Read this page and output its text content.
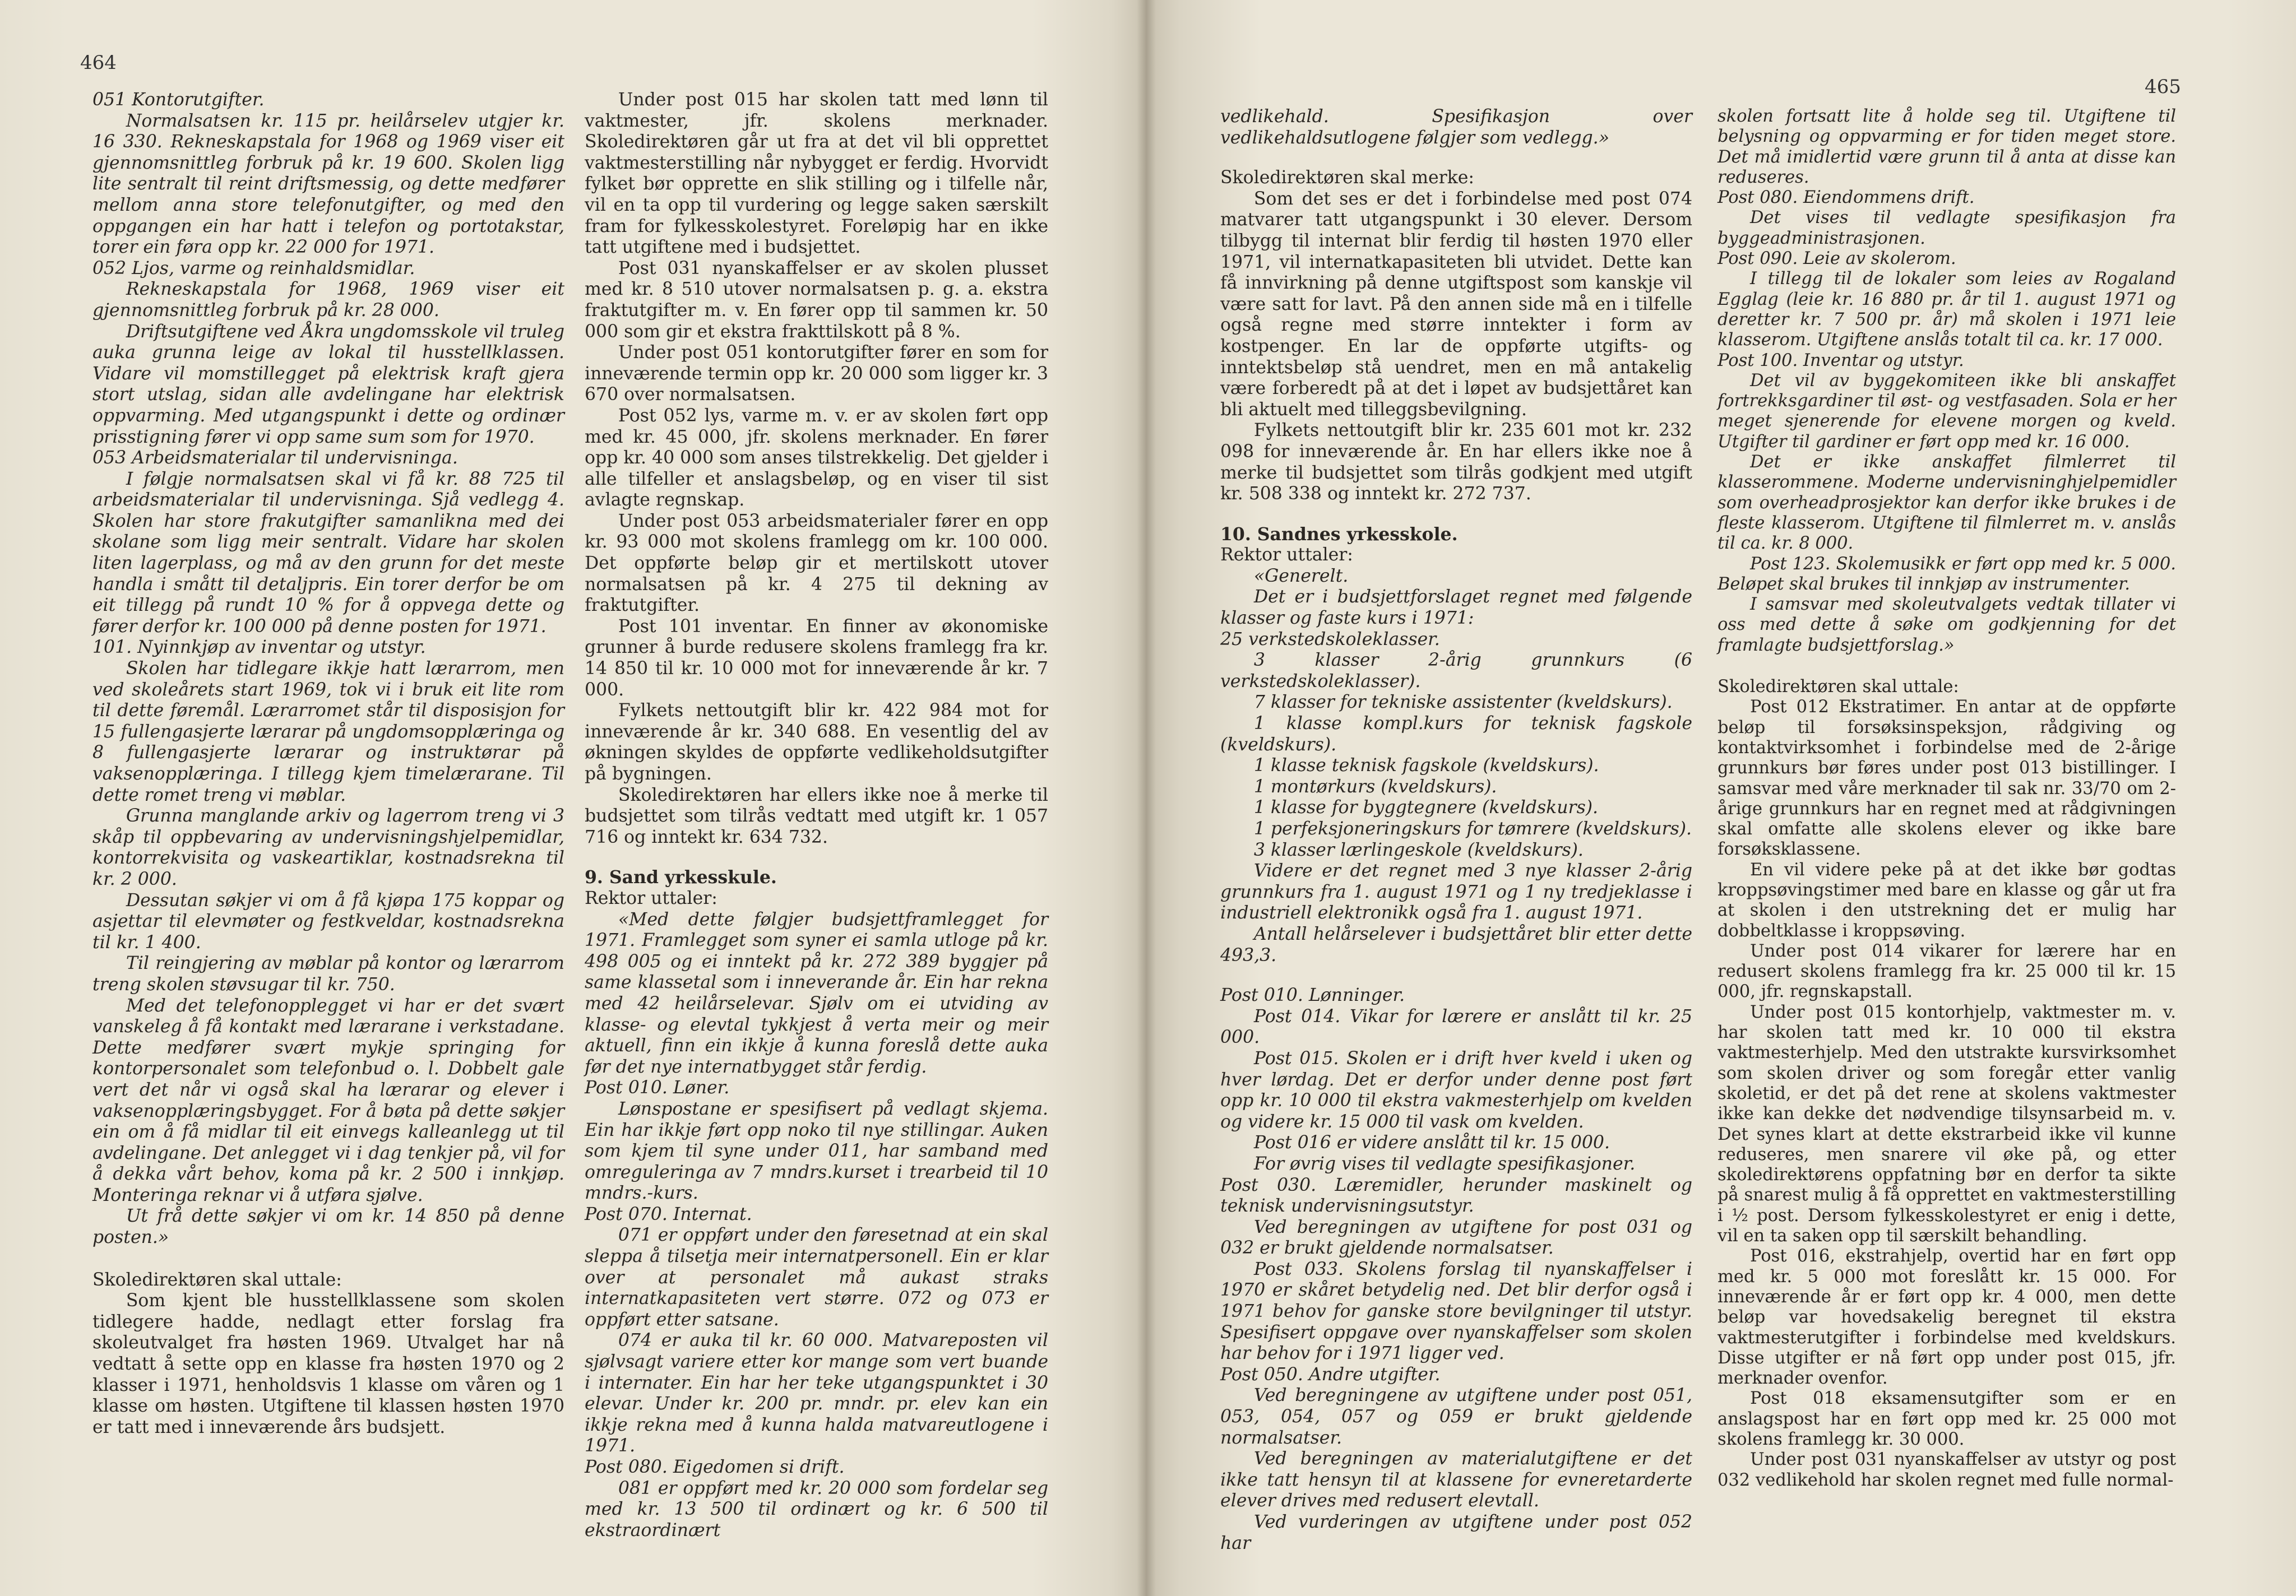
464

051 Kontorutgifter.

Normalsatsen kr. 115 pr. heilårselev utgjer kr. 16 330. Rekneskapstala for 1968 og 1969 viser eit gjennomsnittleg forbruk på kr. 19 600. Skolen ligg lite sentralt til reint driftsmessig, og dette medfører mellom anna store telefonutgifter, og med den oppgangen ein har hatt i telefon og portotakstar, torer ein føra opp kr. 22 000 for 1971.

052 Ljos, varme og reinhaldsmidlar.

Rekneskapstala for 1968, 1969 viser eit gjennomsnittleg forbruk på kr. 28 000.

Driftsutgiftene ved Åkra ungdomsskole vil truleg auka grunna leige av lokal til husstellklassen. Vidare vil momstillegget på elektrisk kraft gjera stort utslag, sidan alle avdelingane har elektrisk oppvarming. Med utgangspunkt i dette og ordinær prisstigning fører vi opp same sum som for 1970.

053 Arbeidsmaterialar til undervisninga.

I følgje normalsatsen skal vi få kr. 88 725 til arbeidsmaterialar til undervisninga. Sjå vedlegg 4. Skolen har store frakutgifter samanlikna med dei skolane som ligg meir sentralt. Vidare har skolen liten lagerplass, og må av den grunn for det meste handla i smått til detaljpris. Ein torer derfor be om eit tillegg på rundt 10 % for å oppvega dette og fører derfor kr. 100 000 på denne posten for 1971.

101. Nyinnkjøp av inventar og utstyr.

Skolen har tidlegare ikkje hatt lærarrom, men ved skoleårets start 1969, tok vi i bruk eit lite rom til dette føremål. Lærarromet står til disposisjon for 15 fullengasjerte lærarar på ungdomsopplæringa og 8 fullengasjerte lærarar og instruktørar på vaksenopplæringa. I tillegg kjem timelærarane. Til dette romet treng vi møblar.

Grunna manglande arkiv og lagerrom treng vi 3 skåp til oppbevaring av undervisningshjelpemidlar, kontorrekvisita og vaskeartiklar, kostnadsrekna til kr. 2 000.

Dessutan søkjer vi om å få kjøpa 175 koppar og asjettar til elevmøter og festkveldar, kostnadsrekna til kr. 1 400.

Til reingjering av møblar på kontor og lærarrom treng skolen støvsugar til kr. 750.

Med det telefonopplegget vi har er det svært vanskeleg å få kontakt med lærarane i verkstadane. Dette medfører svært mykje springing for kontorpersonalet som telefonbud o. l. Dobbelt gale vert det når vi også skal ha lærarar og elever i vaksenopplæringsbygget. For å bøta på dette søkjer ein om å få midlar til eit einvegs kalleanlegg ut til avdelingane. Det anlegget vi i dag tenkjer på, vil for å dekka vårt behov, koma på kr. 2 500 i innkjøp. Monteringa reknar vi å utføra sjølve.

Ut frå dette søkjer vi om kr. 14 850 på denne posten.»

Skoledirektøren skal uttale:

Som kjent ble husstellklassene som skolen tidlegere hadde, nedlagt etter forslag fra skoleutvalget fra høsten 1969. Utvalget har nå vedtatt å sette opp en klasse fra høsten 1970 og 2 klasser i 1971, henholdsvis 1 klasse om våren og 1 klasse om høsten. Utgiftene til klassen høsten 1970 er tatt med i inneværende års budsjett.

Under post 015 har skolen tatt med lønn til vaktmester, jfr. skolens merknader. Skoledirektøren går ut fra at det vil bli opprettet vaktmesterstilling når nybygget er ferdig. Hvorvidt fylket bør opprette en slik stilling og i tilfelle når, vil en ta opp til vurdering og legge saken særskilt fram for fylkesskolestyret. Foreløpig har en ikke tatt utgiftene med i budsjettet.

Post 031 nyanskaffelser er av skolen plusset med kr. 8 510 utover normalsatsen p. g. a. ekstra fraktutgifter m. v. En fører opp til sammen kr. 50 000 som gir et ekstra frakttilskott på 8 %.

Under post 051 kontorutgifter fører en som for inneværende termin opp kr. 20 000 som ligger kr. 3 670 over normalsatsen.

Post 052 lys, varme m. v. er av skolen ført opp med kr. 45 000, jfr. skolens merknader. En fører opp kr. 40 000 som anses tilstrekkelig. Det gjelder i alle tilfeller et anslagsbeløp, og en viser til sist avlagte regnskap.

Under post 053 arbeidsmaterialer fører en opp kr. 93 000 mot skolens framlegg om kr. 100 000. Det oppførte beløp gir et mertilskott utover normalsatsen på kr. 4 275 til dekning av fraktutgifter.

Post 101 inventar. En finner av økonomiske grunner å burde redusere skolens framlegg fra kr. 14 850 til kr. 10 000 mot for inneværende år kr. 7 000.

Fylkets nettoutgift blir kr. 422 984 mot for inneværende år kr. 340 688. En vesentlig del av økningen skyldes de oppførte vedlikeholdsutgifter på bygningen.

Skoledirektøren har ellers ikke noe å merke til budsjettet som tilrås vedtatt med utgift kr. 1 057 716 og inntekt kr. 634 732.

9. Sand yrkesskule.

Rektor uttaler:

«Med dette følgjer budsjettframlegget for 1971. Framlegget som syner ei samla utloge på kr. 498 005 og ei inntekt på kr. 272 389 byggjer på same klassetal som i inneverande år. Ein har rekna med 42 heilårselevar. Sjølv om ei utviding av klasse- og elevtal tykkjest å verta meir og meir aktuell, finn ein ikkje å kunna foreslå dette auka før det nye internatbygget står ferdig.

Post 010. Løner.

Lønspostane er spesifisert på vedlagt skjema. Ein har ikkje ført opp noko til nye stillingar. Auken som kjem til syne under 011, har samband med omreguleringa av 7 mndrs.kurset i trearbeid til 10 mndrs.-kurs.

Post 070. Internat.

071 er oppført under den føresetnad at ein skal sleppa å tilsetja meir internatpersonell. Ein er klar over at personalet må aukast straks internatkapasiteten vert større. 072 og 073 er oppført etter satsane.

074 er auka til kr. 60 000. Matvareposten vil sjølvsagt variere etter kor mange som vert buande i internater. Ein har her teke utgangspunktet i 30 elevar. Under kr. 200 pr. mndr. pr. elev kan ein ikkje rekna med å kunna halda matvareutlogene i 1971.

Post 080. Eigedomen si drift.

081 er oppført med kr. 20 000 som fordelar seg med kr. 13 500 til ordinært og kr. 6 500 til ekstraordinært

465

vedlikehald. Spesifikasjon over vedlikehaldsutlogene følgjer som vedlegg.»

Skoledirektøren skal merke:

Som det ses er det i forbindelse med post 074 matvarer tatt utgangspunkt i 30 elever. Dersom tilbygg til internat blir ferdig til høsten 1970 eller 1971, vil internatkapasiteten bli utvidet. Dette kan få innvirkning på denne utgiftspost som kanskje vil være satt for lavt. På den annen side må en i tilfelle også regne med større inntekter i form av kostpenger. En lar de oppførte utgifts- og inntektsbeløp stå uendret, men en må antakelig være forberedt på at det i løpet av budsjettåret kan bli aktuelt med tilleggsbevilgning.

Fylkets nettoutgift blir kr. 235 601 mot kr. 232 098 for inneværende år. En har ellers ikke noe å merke til budsjettet som tilrås godkjent med utgift kr. 508 338 og inntekt kr. 272 737.

10. Sandnes yrkesskole.

Rektor uttaler:

«Generelt.

Det er i budsjettforslaget regnet med følgende klasser og faste kurs i 1971:

25 verkstedskoleklasser.

3 klasser 2-årig grunnkurs (6 verkstedskoleklasser).

7 klasser for tekniske assistenter (kveldskurs).

1 klasse kompl.kurs for teknisk fagskole (kveldskurs).

1 klasse teknisk fagskole (kveldskurs).

1 montørkurs (kveldskurs).

1 klasse for byggtegnere (kveldskurs).

1 perfeksjoneringskurs for tømrere (kveldskurs).

3 klasser lærlingeskole (kveldskurs).

Videre er det regnet med 3 nye klasser 2-årig grunnkurs fra 1. august 1971 og 1 ny tredjeklasse i industriell elektronikk også fra 1. august 1971.

Antall helårselever i budsjettåret blir etter dette 493,3.

Post 010. Lønninger.

Post 014. Vikar for lærere er anslått til kr. 25 000.

Post 015. Skolen er i drift hver kveld i uken og hver lørdag. Det er derfor under denne post ført opp kr. 10 000 til ekstra vakmesterhjelp om kvelden og videre kr. 15 000 til vask om kvelden.

Post 016 er videre anslått til kr. 15 000.

For øvrig vises til vedlagte spesifikasjoner.

Post 030. Læremidler, herunder maskinelt og teknisk undervisningsutstyr.

Ved beregningen av utgiftene for post 031 og 032 er brukt gjeldende normalsatser.

Post 033. Skolens forslag til nyanskaffelser i 1970 er skåret betydelig ned. Det blir derfor også i 1971 behov for ganske store bevilgninger til utstyr. Spesifisert oppgave over nyanskaffelser som skolen har behov for i 1971 ligger ved.

Post 050. Andre utgifter.

Ved beregningene av utgiftene under post 051, 053, 054, 057 og 059 er brukt gjeldende normalsatser.

Ved beregningen av materialutgiftene er det ikke tatt hensyn til at klassene for evneretarderte elever drives med redusert elevtall.

Ved vurderingen av utgiftene under post 052 har

skolen fortsatt lite å holde seg til. Utgiftene til belysning og oppvarming er for tiden meget store. Det må imidlertid være grunn til å anta at disse kan reduseres.

Post 080. Eiendommens drift.

Det vises til vedlagte spesifikasjon fra byggeadministrasjonen.

Post 090. Leie av skolerom.

I tillegg til de lokaler som leies av Rogaland Egglag (leie kr. 16 880 pr. år til 1. august 1971 og deretter kr. 7 500 pr. år) må skolen i 1971 leie klasserom. Utgiftene anslås totalt til ca. kr. 17 000.

Post 100. Inventar og utstyr.

Det vil av byggekomiteen ikke bli anskaffet fortrekksgardiner til øst- og vestfasaden. Sola er her meget sjenerende for elevene morgen og kveld. Utgifter til gardiner er ført opp med kr. 16 000.

Det er ikke anskaffet filmlerret til klasserommene. Moderne undervisninghjelpemidler som overheadprosjektor kan derfor ikke brukes i de fleste klasserom. Utgiftene til filmlerret m. v. anslås til ca. kr. 8 000.

Post 123. Skolemusikk er ført opp med kr. 5 000. Beløpet skal brukes til innkjøp av instrumenter.

I samsvar med skoleutvalgets vedtak tillater vi oss med dette å søke om godkjenning for det framlagte budsjettforslag.»

Skoledirektøren skal uttale:

Post 012 Ekstratimer. En antar at de oppførte beløp til forsøksinspeksjon, rådgiving og kontaktvirksomhet i forbindelse med de 2-årige grunnkurs bør føres under post 013 bistillinger. I samsvar med våre merknader til sak nr. 33/70 om 2-årige grunnkurs har en regnet med at rådgivningen skal omfatte alle skolens elever og ikke bare forsøksklassene.

En vil videre peke på at det ikke bør godtas kroppsøvingstimer med bare en klasse og går ut fra at skolen i den utstrekning det er mulig har dobbeltklasse i kroppsøving.

Under post 014 vikarer for lærere har en redusert skolens framlegg fra kr. 25 000 til kr. 15 000, jfr. regnskapstall.

Under post 015 kontorhjelp, vaktmester m. v. har skolen tatt med kr. 10 000 til ekstra vaktmesterhjelp. Med den utstrakte kursvirksomhet som skolen driver og som foregår etter vanlig skoletid, er det på det rene at skolens vaktmester ikke kan dekke det nødvendige tilsynsarbeid m. v. Det synes klart at dette ekstrarbeid ikke vil kunne reduseres, men snarere vil øke på, og etter skoledirektørens oppfatning bør en derfor ta sikte på snarest mulig å få opprettet en vaktmesterstilling i ½ post. Dersom fylkesskolestyret er enig i dette, vil en ta saken opp til særskilt behandling.

Post 016, ekstrahjelp, overtid har en ført opp med kr. 5 000 mot foreslått kr. 15 000. For inneværende år er ført opp kr. 4 000, men dette beløp var hovedsakelig beregnet til ekstra vaktmesterutgifter i forbindelse med kveldskurs. Disse utgifter er nå ført opp under post 015, jfr. merknader ovenfor.

Post 018 eksamensutgifter som er en anslagspost har en ført opp med kr. 25 000 mot skolens framlegg kr. 30 000.

Under post 031 nyanskaffelser av utstyr og post 032 vedlikehold har skolen regnet med fulle normal-
